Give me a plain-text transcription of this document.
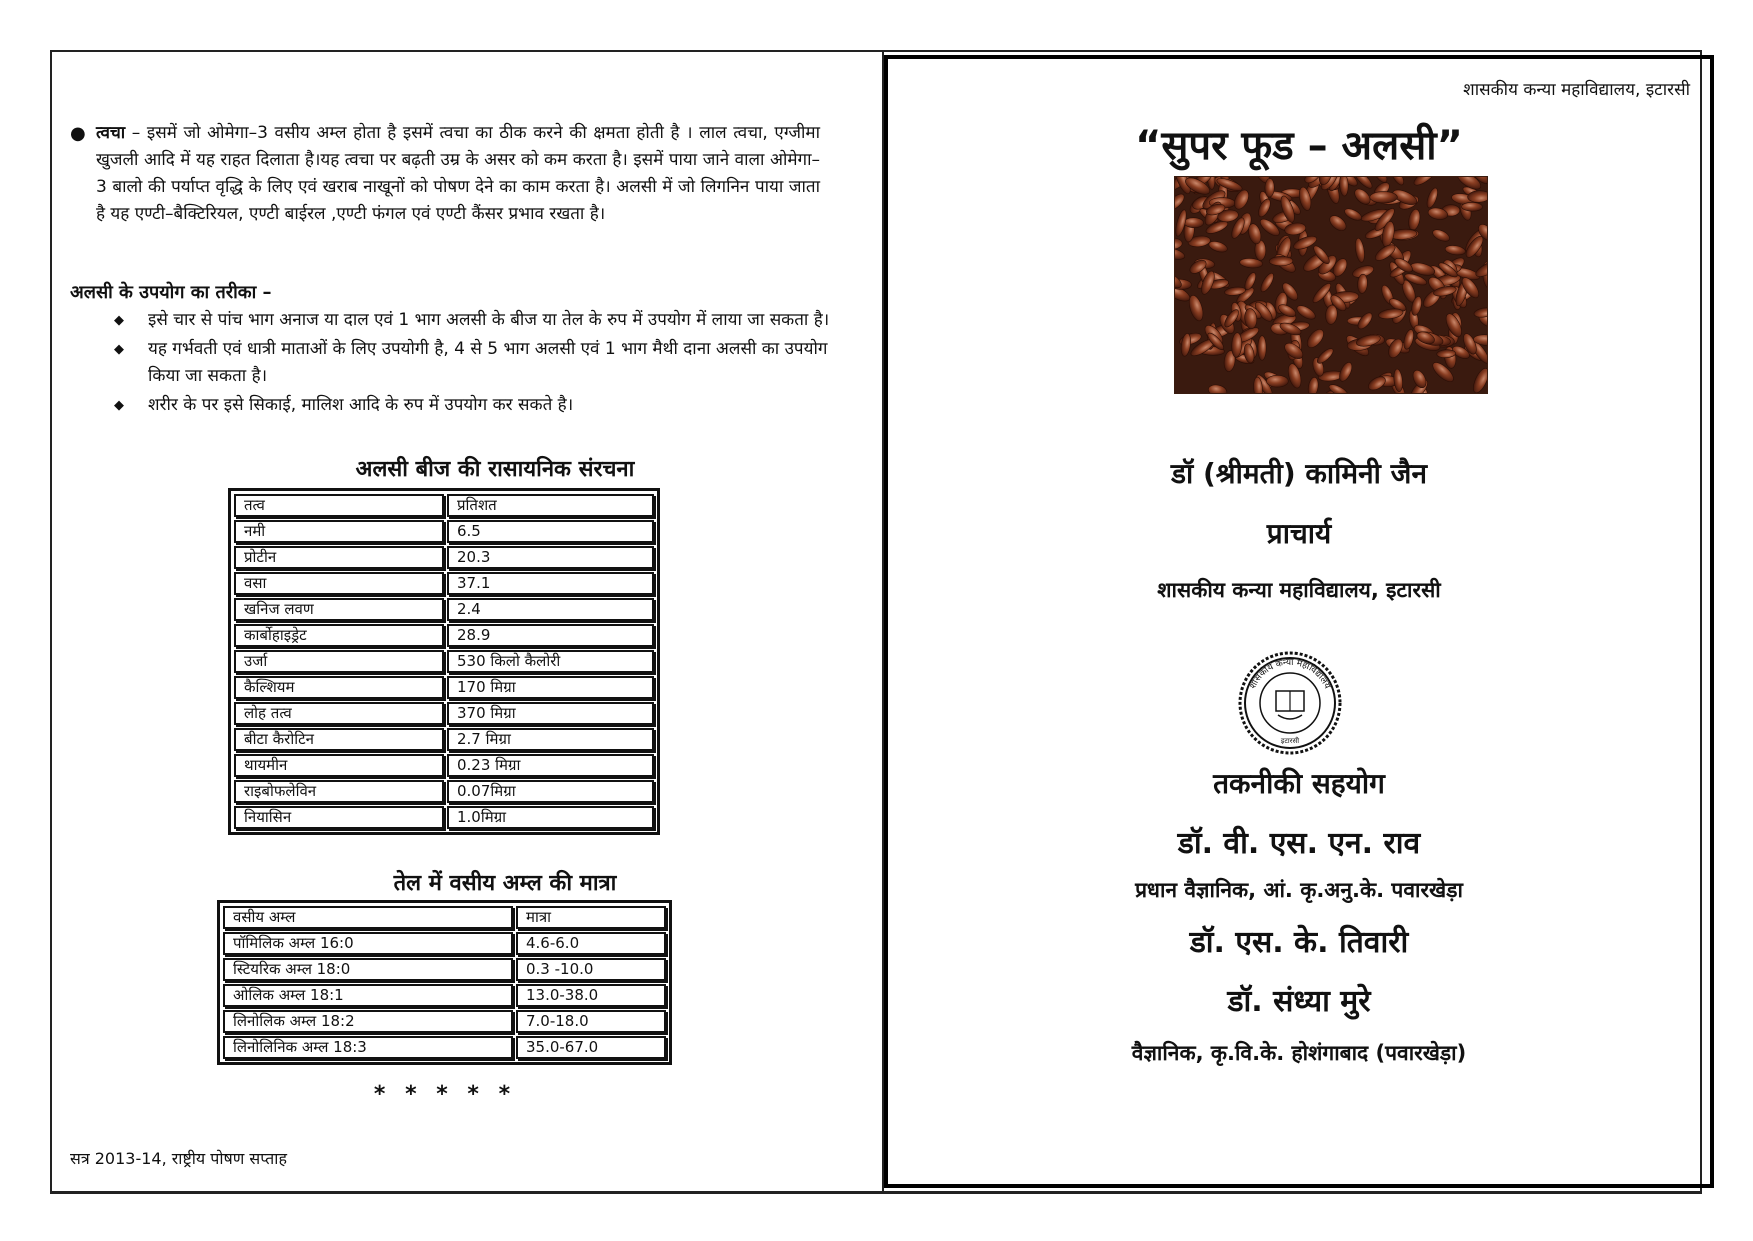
● त्वचा – इसमें जो ओमेगा–3 वसीय अम्ल होता है इसमें त्वचा का ठीक करने की क्षमता होती है । लाल त्वचा, एग्जीमा खुजली आदि में यह राहत दिलाता है।यह त्वचा पर बढ़ती उम्र के असर को कम करता है। इसमें पाया जाने वाला ओमेगा–3 बालो की पर्याप्त वृद्धि के लिए एवं खराब नाखूनों को पोषण देने का काम करता है। अलसी में जो लिगनिन पाया जाता है यह एण्टी–बैक्टिरियल, एण्टी बाईरल ,एण्टी फंगल एवं एण्टी कैंसर प्रभाव रखता है।
अलसी के उपयोग का तरीका –
◆ इसे चार से पांच भाग अनाज या दाल एवं 1 भाग अलसी के बीज या तेल के रुप में उपयोग में लाया जा सकता है।
◆ यह गर्भवती एवं धात्री माताओं के लिए उपयोगी है, 4 से 5 भाग अलसी एवं 1 भाग मैथी दाना अलसी का उपयोग किया जा सकता है।
◆ शरीर के पर इसे सिकाई, मालिश आदि के रुप में उपयोग कर सकते है।
अलसी बीज की रासायनिक संरचना
तत्व	प्रतिशत
नमी	6.5
प्रोटीन	20.3
वसा	37.1
खनिज लवण	2.4
कार्बोहाइड्रेट	28.9
उर्जा	530 किलो कैलोरी
कैल्शियम	170 मिग्रा
लोह तत्व	370 मिग्रा
बीटा कैरोटिन	2.7 मिग्रा
थायमीन	0.23 मिग्रा
राइबोफलेविन	0.07मिग्रा
नियासिन	1.0मिग्रा
तेल में वसीय अम्ल की मात्रा
वसीय अम्ल	मात्रा
पॉमिलिक अम्ल 16:0	4.6-6.0
स्टियरिक अम्ल 18:0	0.3 -10.0
ओलिक अम्ल 18:1	13.0-38.0
लिनोलिक अम्ल 18:2	7.0-18.0
लिनोलिनिक अम्ल 18:3	35.0-67.0
* * * * *
सत्र 2013-14, राष्ट्रीय पोषण सप्ताह
शासकीय कन्या महाविद्यालय, इटारसी
“सुपर फूड – अलसी”
डॉ (श्रीमती) कामिनी जैन
प्राचार्य
शासकीय कन्या महाविद्यालय, इटारसी
शासकीय कन्या महाविद्यालय
इटारसी
तकनीकी सहयोग
डॉ. वी. एस. एन. राव
प्रधान वैज्ञानिक, आं. कृ.अनु.के. पवारखेड़ा
डॉ. एस. के. तिवारी
डॉ. संध्या मुरे
वैज्ञानिक, कृ.वि.के. होशंगाबाद (पवारखेड़ा)
